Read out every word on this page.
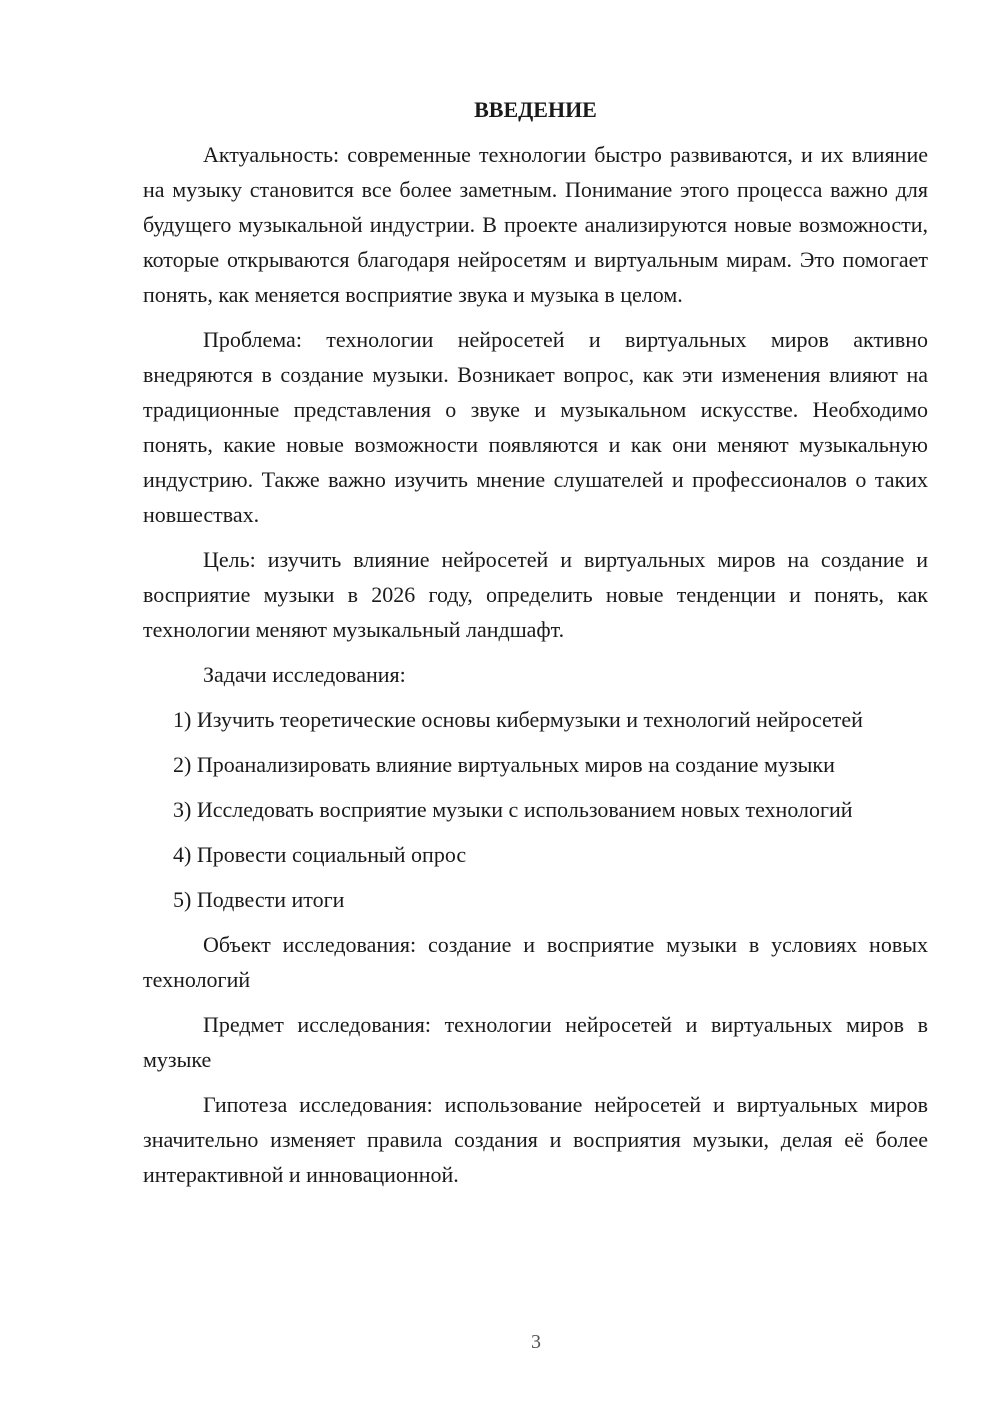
ВВЕДЕНИЕ

Актуальность: современные технологии быстро развиваются, и их влияние на музыку становится все более заметным. Понимание этого процесса важно для будущего музыкальной индустрии. В проекте анализируются новые возможности, которые открываются благодаря нейросетям и виртуальным мирам. Это помогает понять, как меняется восприятие звука и музыка в целом.

Проблема: технологии нейросетей и виртуальных миров активно внедряются в создание музыки. Возникает вопрос, как эти изменения влияют на традиционные представления о звуке и музыкальном искусстве. Необходимо понять, какие новые возможности появляются и как они меняют музыкальную индустрию. Также важно изучить мнение слушателей и профессионалов о таких новшествах.

Цель: изучить влияние нейросетей и виртуальных миров на создание и восприятие музыки в 2026 году, определить новые тенденции и понять, как технологии меняют музыкальный ландшафт.

Задачи исследования:

1) Изучить теоретические основы кибермузыки и технологий нейросетей

2) Проанализировать влияние виртуальных миров на создание музыки

3) Исследовать восприятие музыки с использованием новых технологий

4) Провести социальный опрос

5) Подвести итоги

Объект исследования: создание и восприятие музыки в условиях новых технологий

Предмет исследования: технологии нейросетей и виртуальных миров в музыке

Гипотеза исследования: использование нейросетей и виртуальных миров значительно изменяет правила создания и восприятия музыки, делая её более интерактивной и инновационной.

3
